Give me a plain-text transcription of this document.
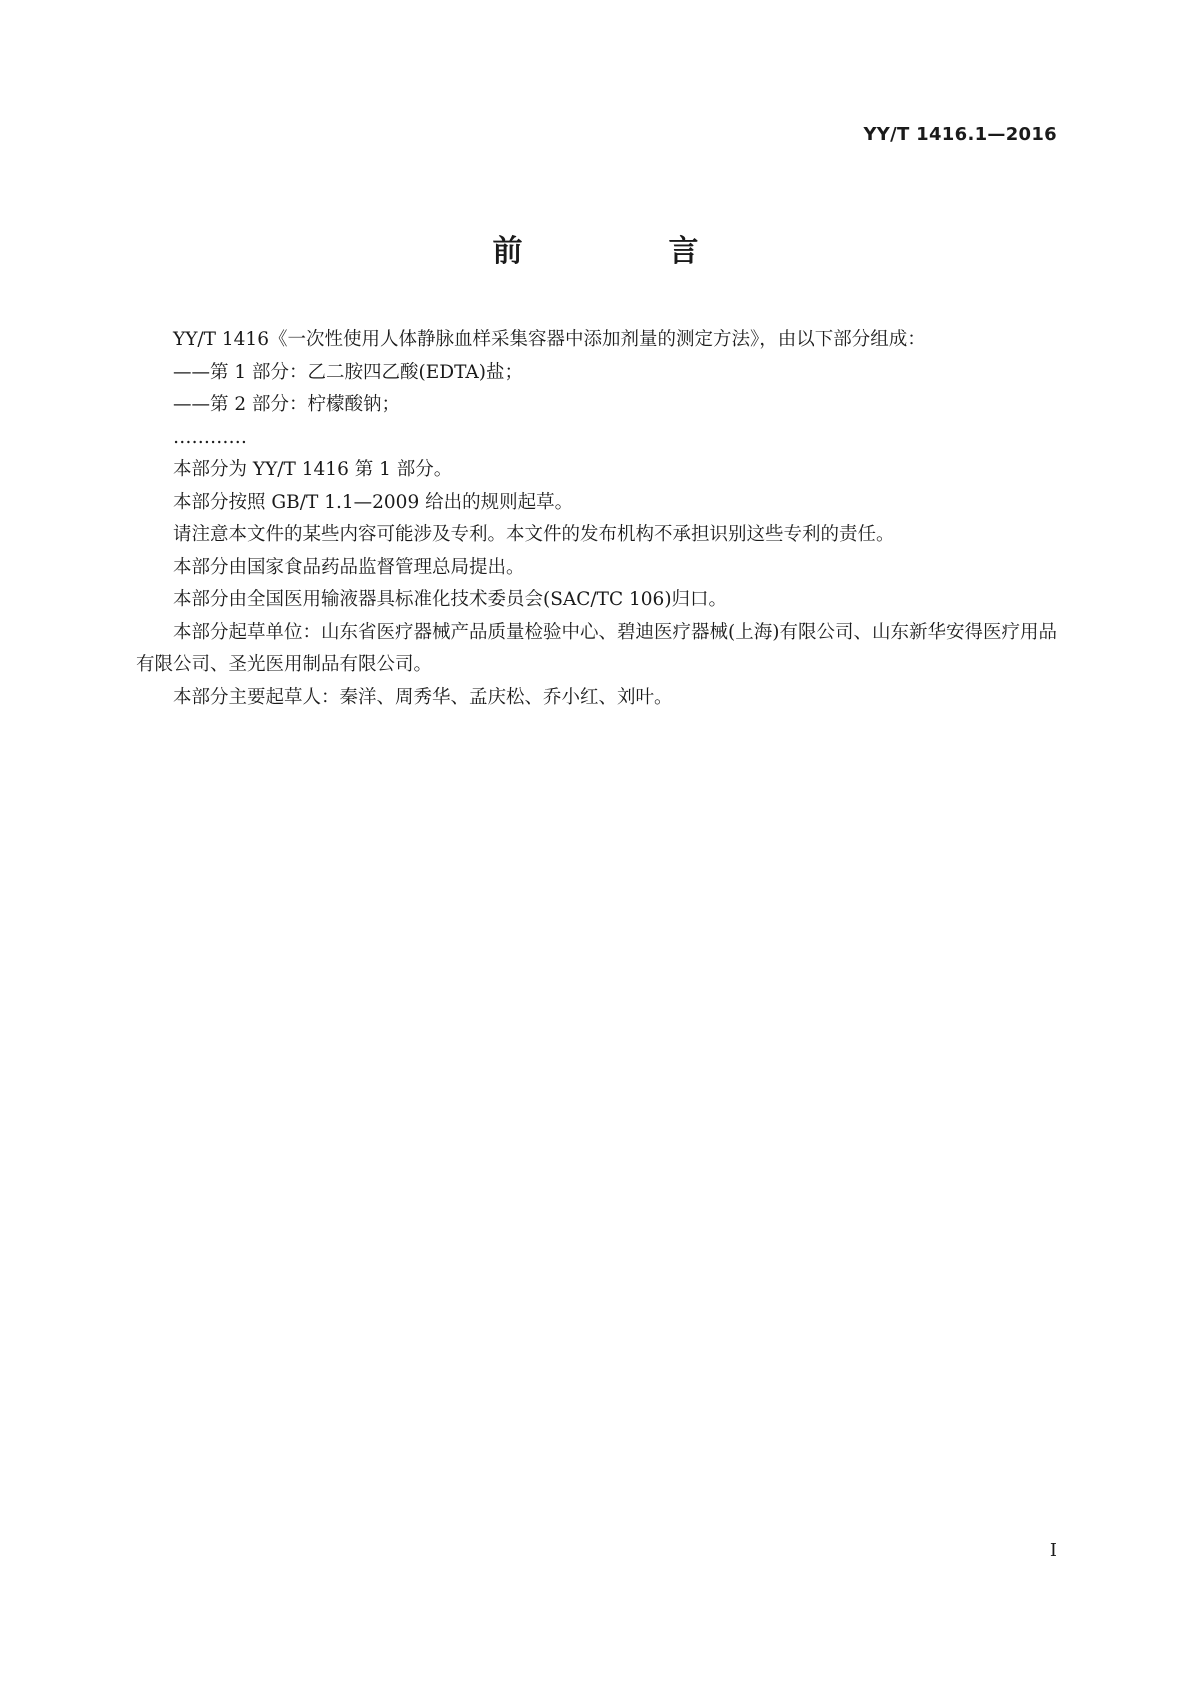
YY/T 1416.1—2016
前　言

YY/T 1416《一次性使用人体静脉血样采集容器中添加剂量的测定方法》，由以下部分组成：

——第 1 部分：乙二胺四乙酸(EDTA)盐；

——第 2 部分：柠檬酸钠；

…………

本部分为 YY/T 1416 第 1 部分。

本部分按照 GB/T 1.1—2009 给出的规则起草。

请注意本文件的某些内容可能涉及专利。本文件的发布机构不承担识别这些专利的责任。

本部分由国家食品药品监督管理总局提出。

本部分由全国医用输液器具标准化技术委员会(SAC/TC 106)归口。

本部分起草单位：山东省医疗器械产品质量检验中心、碧迪医疗器械(上海)有限公司、山东新华安得医疗用品有限公司、圣光医用制品有限公司。

本部分主要起草人：秦洋、周秀华、孟庆松、乔小红、刘叶。

I
